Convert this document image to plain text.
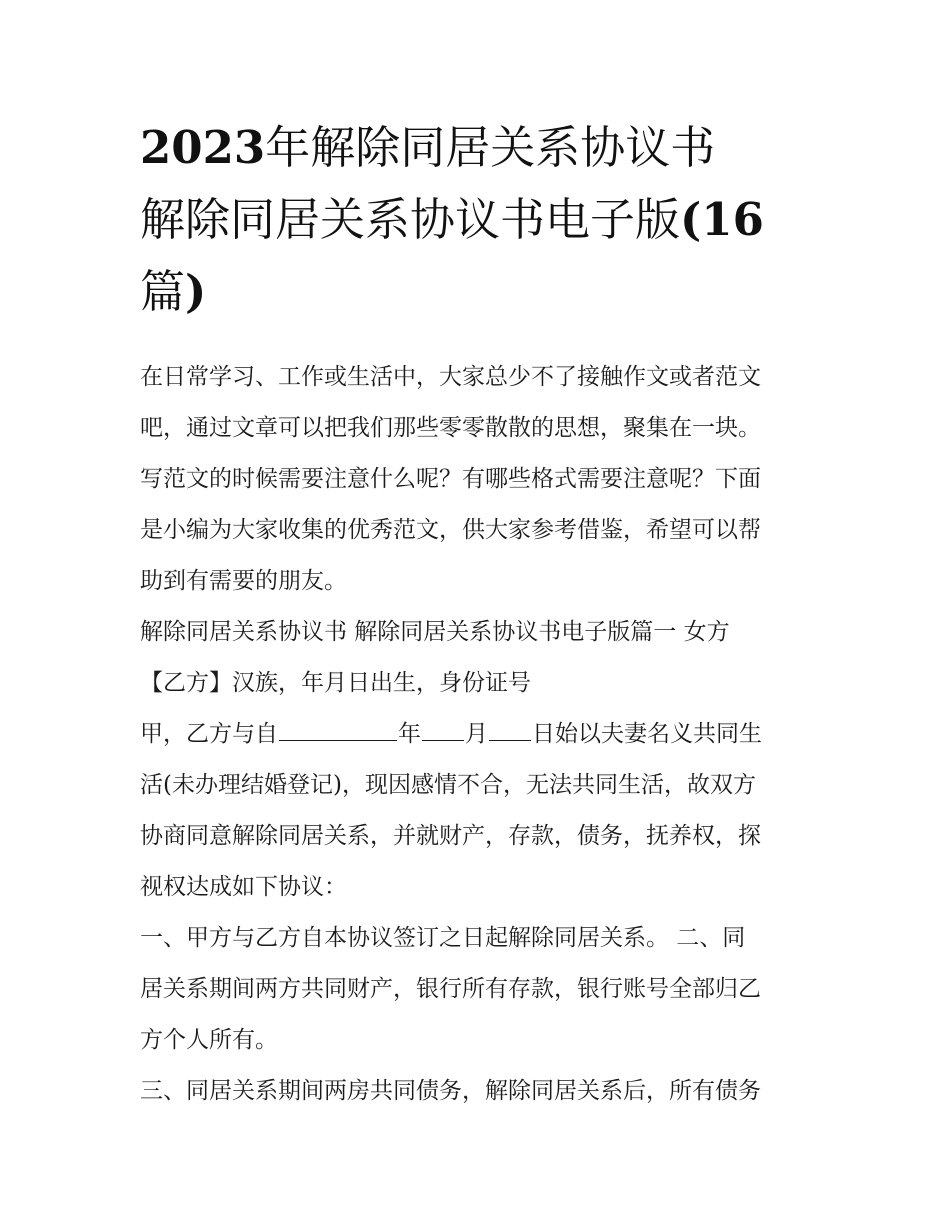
2023年解除同居关系协议书
解除同居关系协议书电子版(16
篇)
在日常学习、工作或生活中，大家总少不了接触作文或者范文
吧，通过文章可以把我们那些零零散散的思想，聚集在一块。
写范文的时候需要注意什么呢？有哪些格式需要注意呢？下面
是小编为大家收集的优秀范文，供大家参考借鉴，希望可以帮
助到有需要的朋友。
解除同居关系协议书 解除同居关系协议书电子版篇一 女方
【乙方】汉族，年月日出生，身份证号
甲，乙方与自	年 月 日始以夫妻名义共同生
活(未办理结婚登记)，现因感情不合，无法共同生活，故双方
协商同意解除同居关系，并就财产，存款，债务，抚养权，探
视权达成如下协议：
一、甲方与乙方自本协议签订之日起解除同居关系。 二、同
居关系期间两方共同财产，银行所有存款，银行账号全部归乙
方个人所有。
三、同居关系期间两房共同债务，解除同居关系后，所有债务
